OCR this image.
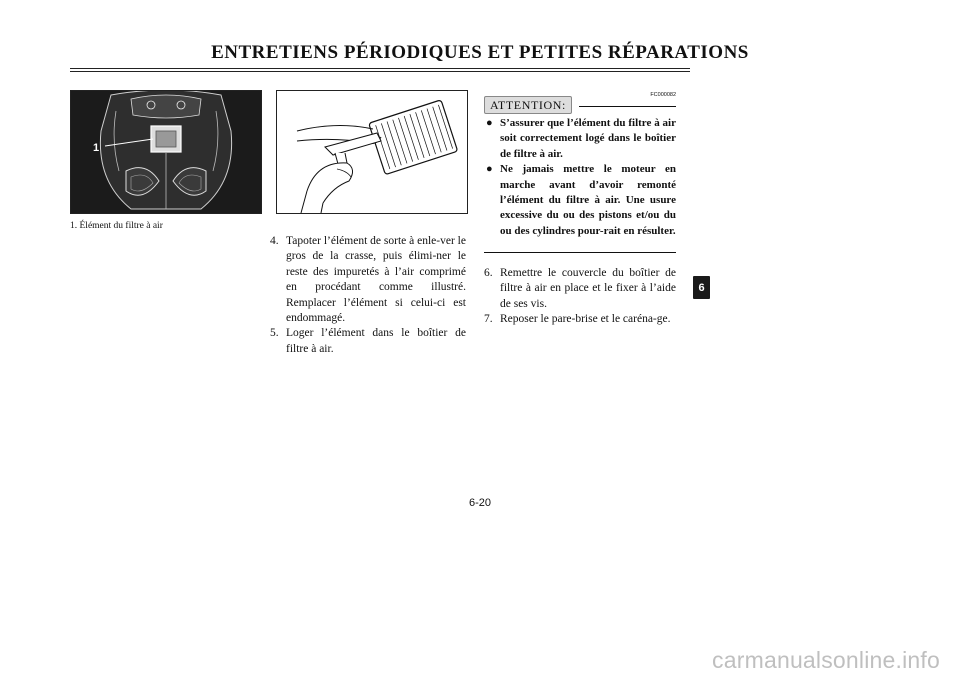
ENTRETIENS PÉRIODIQUES ET PETITES RÉPARATIONS
1
1. Élément du filtre à air
4. Tapoter l’élément de sorte à enle-ver le gros de la crasse, puis élimi-ner le reste des impuretés à l’air comprimé en procédant comme illustré. Remplacer l’élément si celui-ci est endommagé.
5. Loger l’élément dans le boîtier de filtre à air.
FC000082
ATTENTION:
● S’assurer que l’élément du filtre à air soit correctement logé dans le boîtier de filtre à air.
● Ne jamais mettre le moteur en marche avant d’avoir remonté l’élément du filtre à air. Une usure excessive du ou des pistons et/ou du ou des cylindres pour-rait en résulter.
6. Remettre le couvercle du boîtier de filtre à air en place et le fixer à l’aide de ses vis.
7. Reposer le pare-brise et le caréna-ge.
6-20
6
carmanualsonline.info
